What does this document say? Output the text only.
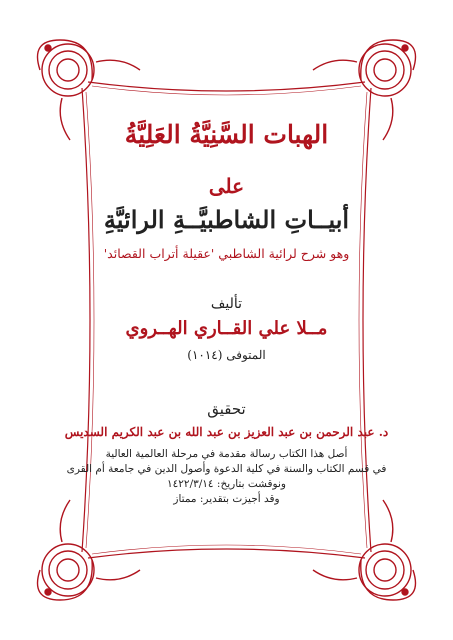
الهبات السَّنِيَّةُ العَلِيَّةُ
على
أبيــاتِ الشاطبيَّــةِ الرائيَّةِ
وهو شرح لرائية الشاطبي 'عقيلة أتراب القصائد'
تأليف
مــلا علي القــاري الهــروي
المتوفى (١٠١٤)
تحقيق
د. عبد الرحمن بن عبد العزيز بن عبد الله بن عبد الكريم السديس
أصل هذا الكتاب رسالة مقدمة في مرحلة العالمية العالية
في قسم الكتاب والسنة في كلية الدعوة وأصول الدين في جامعة أم القرى
ونوقشت بتاريخ: ١٤٢٢/٣/١٤
وقد أجيزت بتقدير: ممتاز
